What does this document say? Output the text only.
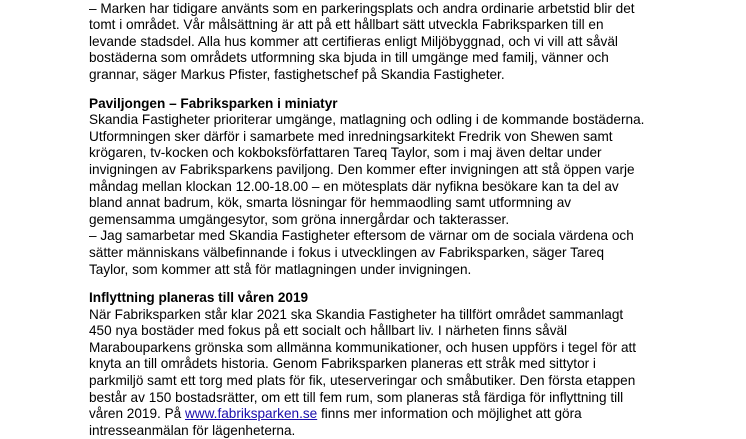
– Marken har tidigare använts som en parkeringsplats och andra ordinarie arbetstid blir det
tomt i området. Vår målsättning är att på ett hållbart sätt utveckla Fabriksparken till en
levande stadsdel. Alla hus kommer att certifieras enligt Miljöbyggnad, och vi vill att såväl
bostäderna som områdets utformning ska bjuda in till umgänge med familj, vänner och
grannar, säger Markus Pfister, fastighetschef på Skandia Fastigheter.
Paviljongen – Fabriksparken i miniatyr
Skandia Fastigheter prioriterar umgänge, matlagning och odling i de kommande bostäderna.
Utformningen sker därför i samarbete med inredningsarkitekt Fredrik von Shewen samt
krögaren, tv-kocken och kokboksförfattaren Tareq Taylor, som i maj även deltar under
invigningen av Fabriksparkens paviljong. Den kommer efter invigningen att stå öppen varje
måndag mellan klockan 12.00-18.00 – en mötesplats där nyfikna besökare kan ta del av
bland annat badrum, kök, smarta lösningar för hemmaodling samt utformning av
gemensamma umgängesytor, som gröna innergårdar och takterasser.
– Jag samarbetar med Skandia Fastigheter eftersom de värnar om de sociala värdena och
sätter människans välbefinnande i fokus i utvecklingen av Fabriksparken, säger Tareq
Taylor, som kommer att stå för matlagningen under invigningen.
Inflyttning planeras till våren 2019
När Fabriksparken står klar 2021 ska Skandia Fastigheter ha tillfört området sammanlagt
450 nya bostäder med fokus på ett socialt och hållbart liv. I närheten finns såväl
Marabouparkens grönska som allmänna kommunikationer, och husen uppförs i tegel för att
knyta an till områdets historia. Genom Fabriksparken planeras ett stråk med sittytor i
parkmiljö samt ett torg med plats för fik, uteserveringar och småbutiker. Den första etappen
består av 150 bostadsrätter, om ett till fem rum, som planeras stå färdiga för inflyttning till
våren 2019. På www.fabriksparken.se finns mer information och möjlighet att göra
intresseanmälan för lägenheterna.
